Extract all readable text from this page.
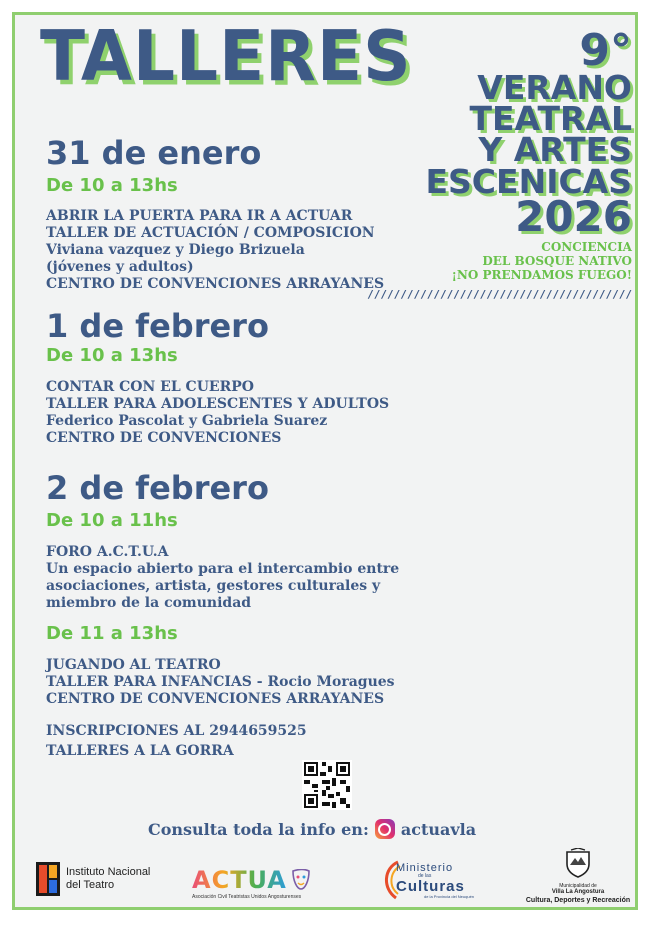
TALLERES	9°
VERANO
TEATRAL
Y ARTES
ESCENICAS
2026
CONCIENCIA
DEL BOSQUE NATIVO
¡NO PRENDAMOS FUEGO!
////////////////////////////////////////
31 de enero
De 10 a 13hs
ABRIR LA PUERTA PARA IR A ACTUAR
TALLER DE ACTUACIÓN / COMPOSICION
Viviana vazquez y Diego Brizuela
(jóvenes y adultos)
CENTRO DE CONVENCIONES ARRAYANES
1 de febrero
De 10 a 13hs
CONTAR CON EL CUERPO
TALLER PARA ADOLESCENTES Y ADULTOS
Federico Pascolat y Gabriela Suarez
CENTRO DE CONVENCIONES
2 de febrero
De 10 a 11hs
FORO A.C.T.U.A
Un espacio abierto para el intercambio entre
asociaciones, artista, gestores culturales y
miembro de la comunidad
De 11 a 13hs
JUGANDO AL TEATRO
TALLER PARA INFANCIAS - Rocio Moragues
CENTRO DE CONVENCIONES ARRAYANES
INSCRIPCIONES AL 2944659525
TALLERES A LA GORRA
Consulta toda la info en: actuavla
Instituto Nacional
del Teatro	ACTUA
Asociación Civil Teatristas Unidos Angosturenses
Ministerio
de las
Culturas
de la Provincia del Neuquén
Municipalidad de
Villa La Angostura
Cultura, Deportes y Recreación
